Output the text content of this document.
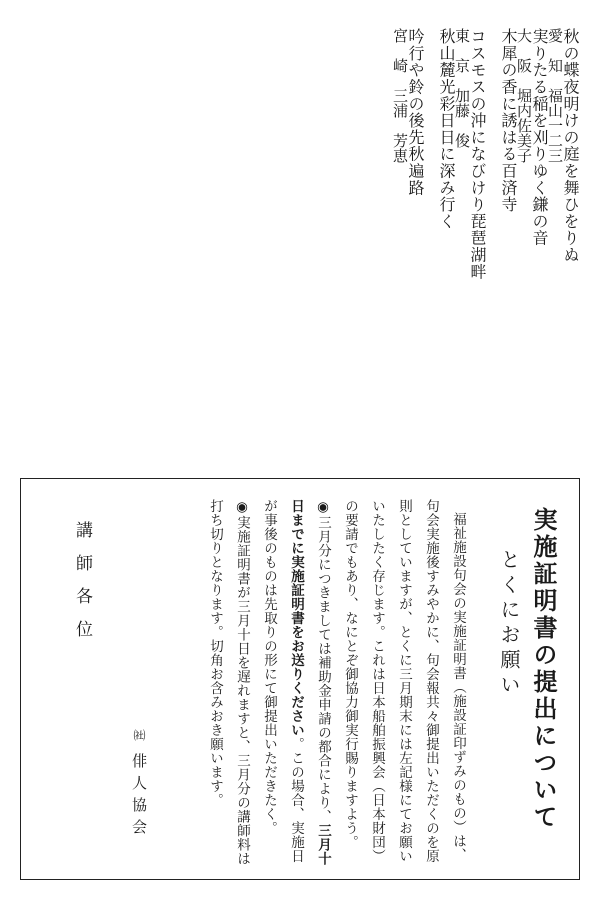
秋の蝶夜明けの庭を舞ひをりぬ
愛　知 福山一二三
実りたる稲を刈りゆく鎌の音
大　阪 堀内佐美子
木犀の香に誘はる百済寺

コスモスの沖になびけり琵琶湖畔
東　京 加藤　俊
秋山麓光彩日日に深み行く

吟行や鈴の後先秋遍路
宮　崎 三浦　芳恵
実施証明書の提出について
とくにお願い

福祉施設句会の実施証明書（施設証印ずみのもの）は、句会実施後すみやかに、句会報共々御提出いただくのを原則としていますが、とくに三月期末には左記様にてお願いいたしたく存じます。これは日本船舶振興会（日本財団）の要請でもあり、なにとぞ御協力御実行賜りますよう。

◉三月分につきましては補助金申請の都合により、三月十日までに実施証明書をお送りください。この場合、実施日が事後のものは先取りの形にて御提出いただきたく。

◉実施証明書が三月十日を遅れますと、三月分の講師料は打ち切りとなります。切角お含みおき願います。

㈳俳人協会
講師各位
